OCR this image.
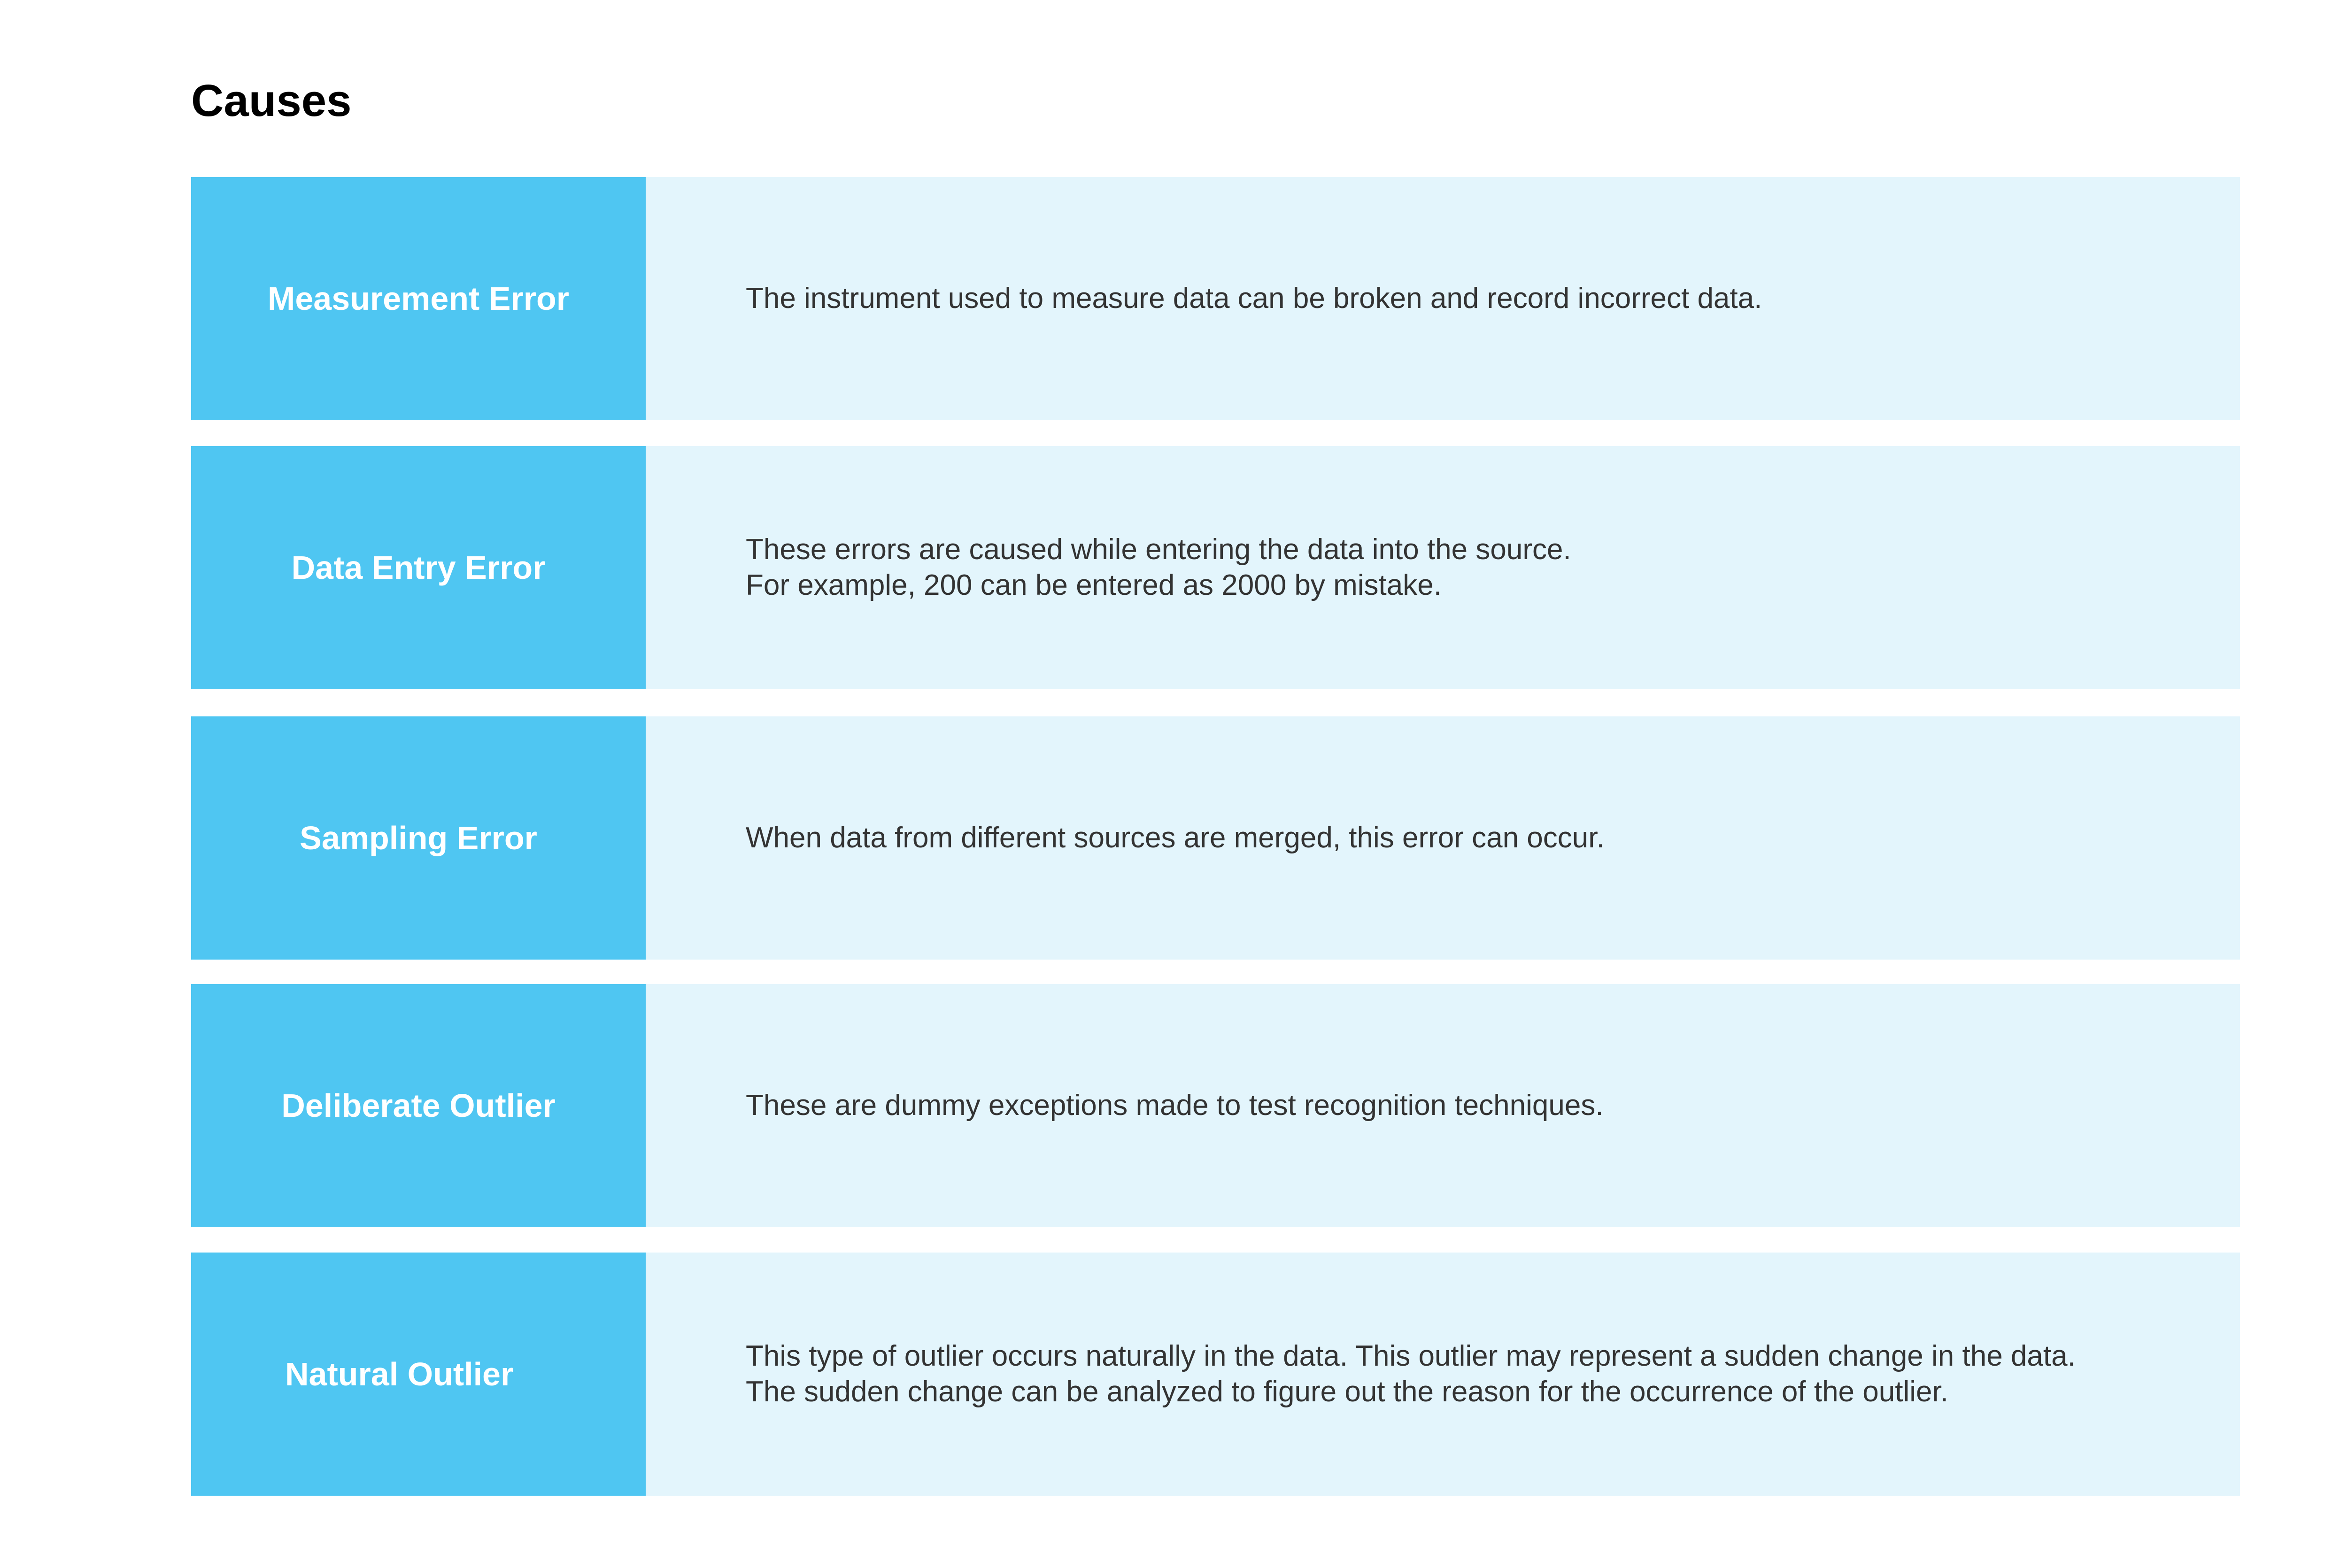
Causes
Measurement Error	The instrument used to measure data can be broken and record incorrect data.
Data Entry Error	These errors are caused while entering the data into the source.
For example, 200 can be entered as 2000 by mistake.
Sampling Error	When data from different sources are merged, this error can occur.
Deliberate Outlier	These are dummy exceptions made to test recognition techniques.
Natural Outlier	This type of outlier occurs naturally in the data. This outlier may represent a sudden change in the data.
The sudden change can be analyzed to figure out the reason for the occurrence of the outlier.
